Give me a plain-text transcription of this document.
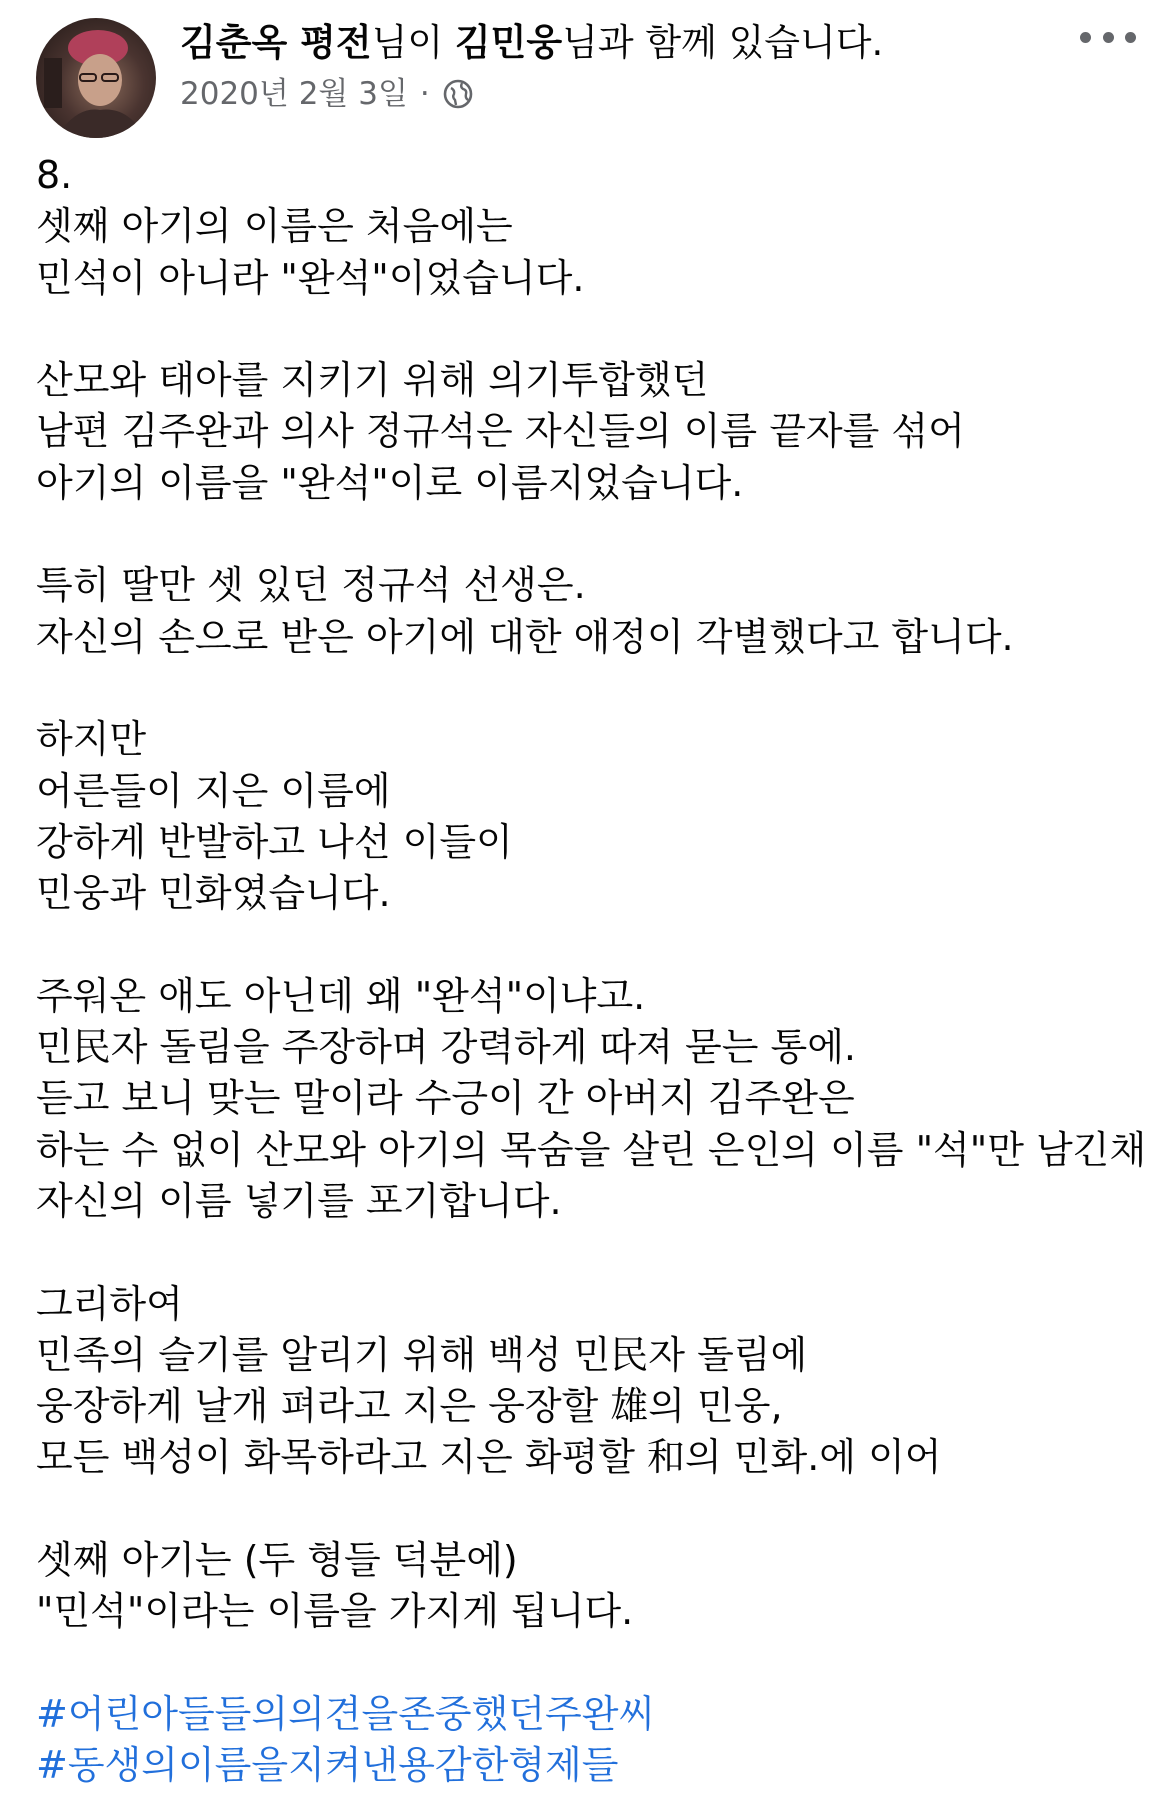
김춘옥 평전님이 김민웅님과 함께 있습니다.
2020년 2월 3일 ·
8.
셋째 아기의 이름은 처음에는
민석이 아니라 "완석"이었습니다.
산모와 태아를 지키기 위해 의기투합했던
남편 김주완과 의사 정규석은 자신들의 이름 끝자를 섞어
아기의 이름을 "완석"이로 이름지었습니다.
특히 딸만 셋 있던 정규석 선생은.
자신의 손으로 받은 아기에 대한 애정이 각별했다고 합니다.
하지만
어른들이 지은 이름에
강하게 반발하고 나선 이들이
민웅과 민화였습니다.
주워온 애도 아닌데 왜 "완석"이냐고.
민民자 돌림을 주장하며 강력하게 따져 묻는 통에.
듣고 보니 맞는 말이라 수긍이 간 아버지 김주완은
하는 수 없이 산모와 아기의 목숨을 살린 은인의 이름 "석"만 남긴채
자신의 이름 넣기를 포기합니다.
그리하여
민족의 슬기를 알리기 위해 백성 민民자 돌림에
웅장하게 날개 펴라고 지은 웅장할 雄의 민웅,
모든 백성이 화목하라고 지은 화평할 和의 민화.에 이어
셋째 아기는 (두 형들 덕분에)
"민석"이라는 이름을 가지게 됩니다.
#어린아들들의의견을존중했던주완씨
#동생의이름을지켜낸용감한형제들
